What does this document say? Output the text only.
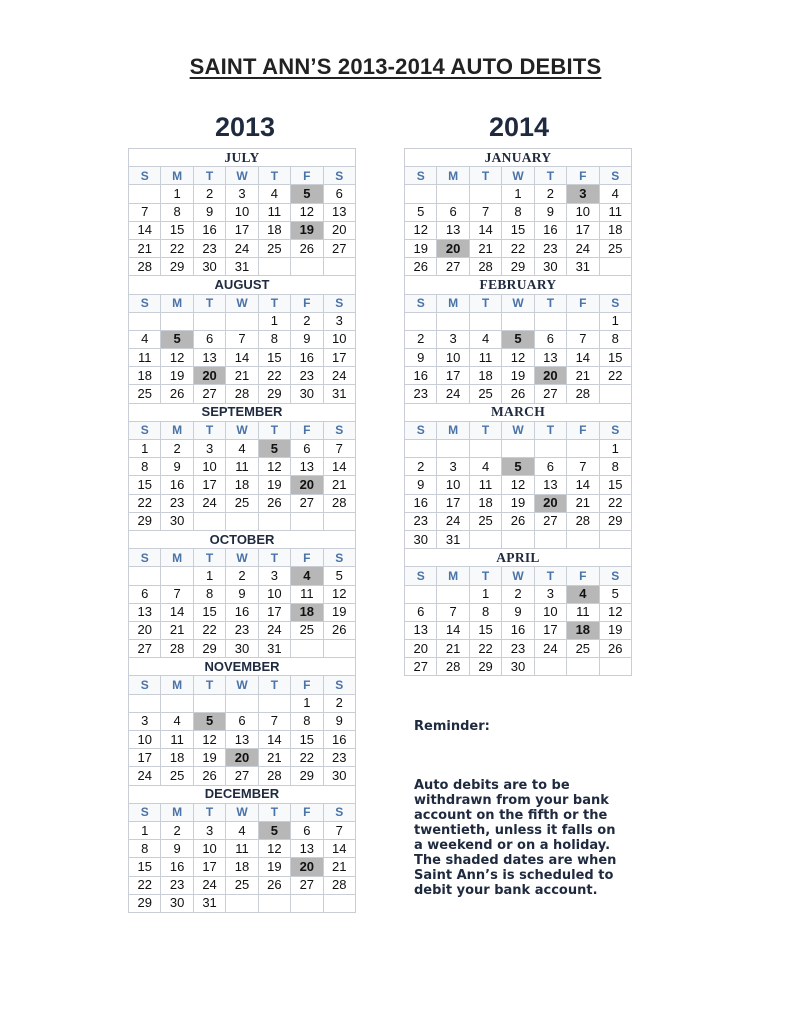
SAINT ANN’S 2013-2014 AUTO DEBITS
2013	2014
JULY						
S	M	T	W	T	F	S
	1	2	3	4	5	6
7	8	9	10	11	12	13
14	15	16	17	18	19	20
21	22	23	24	25	26	27
28	29	30	31			
AUGUST						
S	M	T	W	T	F	S
				1	2	3
4	5	6	7	8	9	10
11	12	13	14	15	16	17
18	19	20	21	22	23	24
25	26	27	28	29	30	31
SEPTEMBER						
S	M	T	W	T	F	S
1	2	3	4	5	6	7
8	9	10	11	12	13	14
15	16	17	18	19	20	21
22	23	24	25	26	27	28
29	30					
OCTOBER						
S	M	T	W	T	F	S
		1	2	3	4	5
6	7	8	9	10	11	12
13	14	15	16	17	18	19
20	21	22	23	24	25	26
27	28	29	30	31		
NOVEMBER						
S	M	T	W	T	F	S
					1	2
3	4	5	6	7	8	9
10	11	12	13	14	15	16
17	18	19	20	21	22	23
24	25	26	27	28	29	30
DECEMBER						
S	M	T	W	T	F	S
1	2	3	4	5	6	7
8	9	10	11	12	13	14
15	16	17	18	19	20	21
22	23	24	25	26	27	28
29	30	31				
JANUARY						
S	M	T	W	T	F	S
			1	2	3	4
5	6	7	8	9	10	11
12	13	14	15	16	17	18
19	20	21	22	23	24	25
26	27	28	29	30	31	
FEBRUARY						
S	M	T	W	T	F	S
						1
2	3	4	5	6	7	8
9	10	11	12	13	14	15
16	17	18	19	20	21	22
23	24	25	26	27	28	
MARCH						
S	M	T	W	T	F	S
						1
2	3	4	5	6	7	8
9	10	11	12	13	14	15
16	17	18	19	20	21	22
23	24	25	26	27	28	29
30	31					
APRIL						
S	M	T	W	T	F	S
		1	2	3	4	5
6	7	8	9	10	11	12
13	14	15	16	17	18	19
20	21	22	23	24	25	26
27	28	29	30			
Reminder:
Auto debits are to be withdrawn from your bank account on the fifth or the twentieth, unless it falls on a weekend or on a holiday. The shaded dates are when Saint Ann’s is scheduled to debit your bank account.
